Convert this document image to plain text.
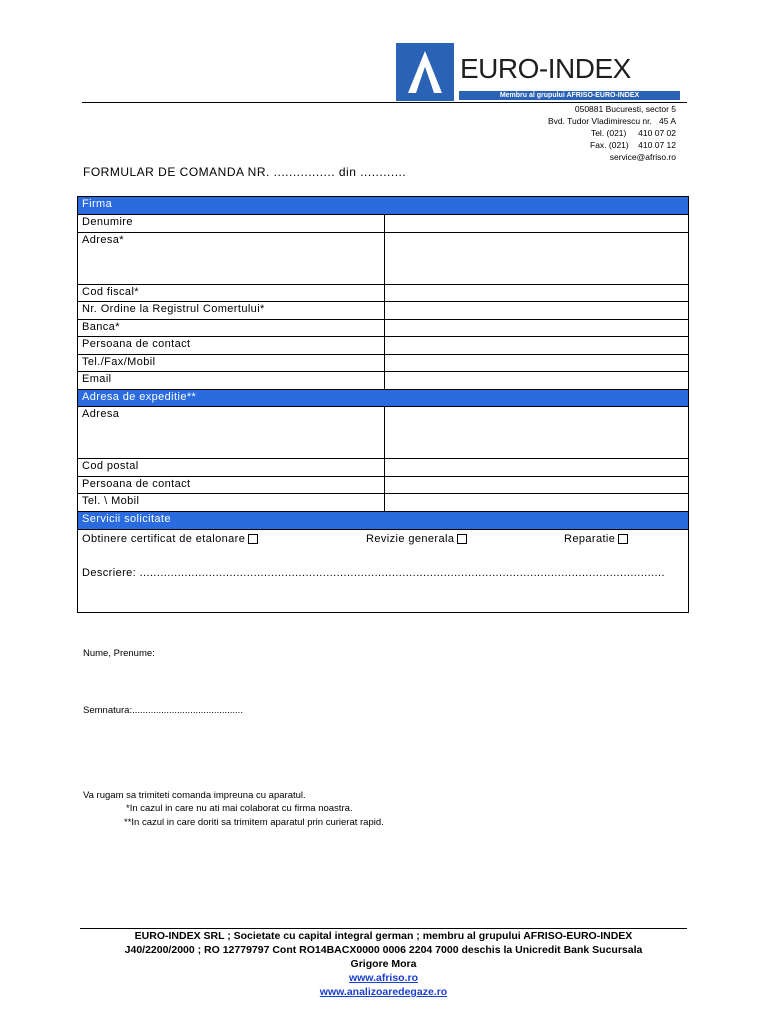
EURO-INDEX
Membru al grupului AFRISO-EURO-INDEX
050881 Bucuresti, sector 5
Bvd. Tudor Vladimirescu nr.   45 A
Tel. (021)     410 07 02
Fax. (021)    410 07 12
service@afriso.ro
FORMULAR DE COMANDA NR. ................ din ............
Firma
Denumire
Adresa*
Cod fiscal*
Nr. Ordine la Registrul Comertului*
Banca*
Persoana de contact
Tel./Fax/Mobil
Email
Adresa de expeditie**
Adresa
Cod postal
Persoana de contact
Tel. \ Mobil
Servicii solicitate
Obtinere certificat de etalonare	Revizie generala	Reparatie
Descriere: ........................................................................................................................................................
Nume, Prenume:
Semnatura:..........................................
Va rugam sa trimiteti comanda impreuna cu aparatul.
*In cazul in care nu ati mai colaborat cu firma noastra.
**In cazul in care doriti sa trimitem aparatul prin curierat rapid.
EURO-INDEX SRL ; Societate cu capital integral german ; membru al grupului AFRISO-EURO-INDEX
J40/2200/2000 ; RO 12779797 Cont RO14BACX0000 0006 2204 7000 deschis la Unicredit Bank Sucursala
Grigore Mora
www.afriso.ro
www.analizoaredegaze.ro
